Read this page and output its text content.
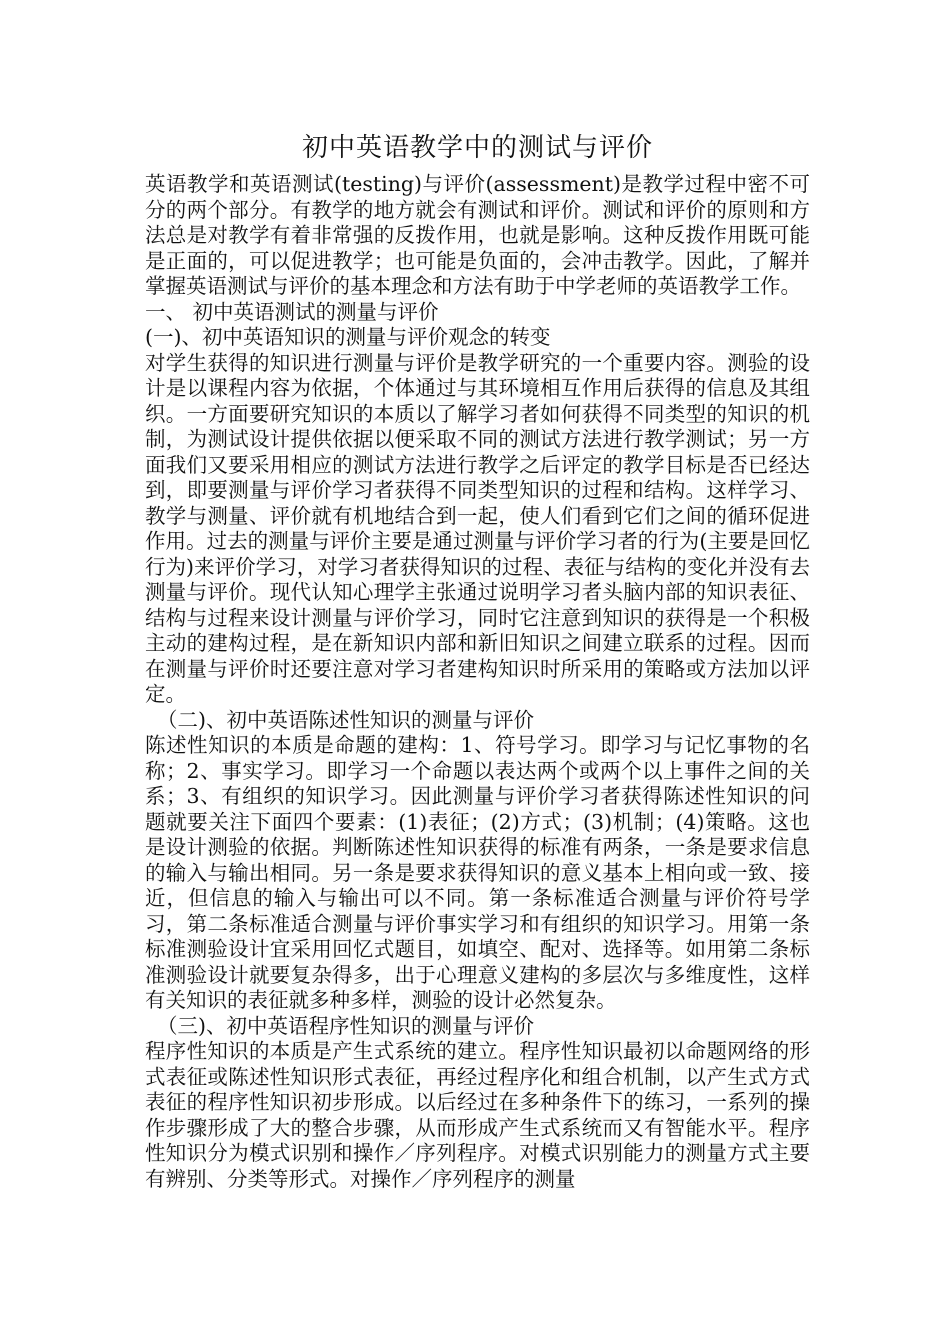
初中英语教学中的测试与评价

英语教学和英语测试(testing)与评价(assessment)是教学过程中密不可分的两个部分。有教学的地方就会有测试和评价。测试和评价的原则和方法总是对教学有着非常强的反拨作用，也就是影响。这种反拨作用既可能是正面的，可以促进教学；也可能是负面的，会冲击教学。因此，了解并掌握英语测试与评价的基本理念和方法有助于中学老师的英语教学工作。

一、 初中英语测试的测量与评价

(一)、初中英语知识的测量与评价观念的转变

对学生获得的知识进行测量与评价是教学研究的一个重要内容。测验的设计是以课程内容为依据，个体通过与其环境相互作用后获得的信息及其组织。一方面要研究知识的本质以了解学习者如何获得不同类型的知识的机制，为测试设计提供依据以便采取不同的测试方法进行教学测试；另一方面我们又要采用相应的测试方法进行教学之后评定的教学目标是否已经达到，即要测量与评价学习者获得不同类型知识的过程和结构。这样学习、教学与测量、评价就有机地结合到一起，使人们看到它们之间的循环促进作用。过去的测量与评价主要是通过测量与评价学习者的行为(主要是回忆行为)来评价学习，对学习者获得知识的过程、表征与结构的变化并没有去测量与评价。现代认知心理学主张通过说明学习者头脑内部的知识表征、结构与过程来设计测量与评价学习，同时它注意到知识的获得是一个积极主动的建构过程，是在新知识内部和新旧知识之间建立联系的过程。因而在测量与评价时还要注意对学习者建构知识时所采用的策略或方法加以评定。

（二)、初中英语陈述性知识的测量与评价

陈述性知识的本质是命题的建构：1、符号学习。即学习与记忆事物的名称；2、事实学习。即学习一个命题以表达两个或两个以上事件之间的关系；3、有组织的知识学习。因此测量与评价学习者获得陈述性知识的问题就要关注下面四个要素：(1)表征；(2)方式；(3)机制；(4)策略。这也是设计测验的依据。判断陈述性知识获得的标准有两条，一条是要求信息的输入与输出相同。另一条是要求获得知识的意义基本上相向或一致、接近，但信息的输入与输出可以不同。第一条标准适合测量与评价符号学习，第二条标准适合测量与评价事实学习和有组织的知识学习。用第一条标准测验设计宜采用回忆式题目，如填空、配对、选择等。如用第二条标准测验设计就要复杂得多，出于心理意义建构的多层次与多维度性，这样有关知识的表征就多种多样，测验的设计必然复杂。

（三)、初中英语程序性知识的测量与评价

程序性知识的本质是产生式系统的建立。程序性知识最初以命题网络的形式表征或陈述性知识形式表征，再经过程序化和组合机制，以产生式方式表征的程序性知识初步形成。以后经过在多种条件下的练习，一系列的操作步骤形成了大的整合步骤，从而形成产生式系统而又有智能水平。程序性知识分为模式识别和操作／序列程序。对模式识别能力的测量方式主要有辨别、分类等形式。对操作／序列程序的测量
